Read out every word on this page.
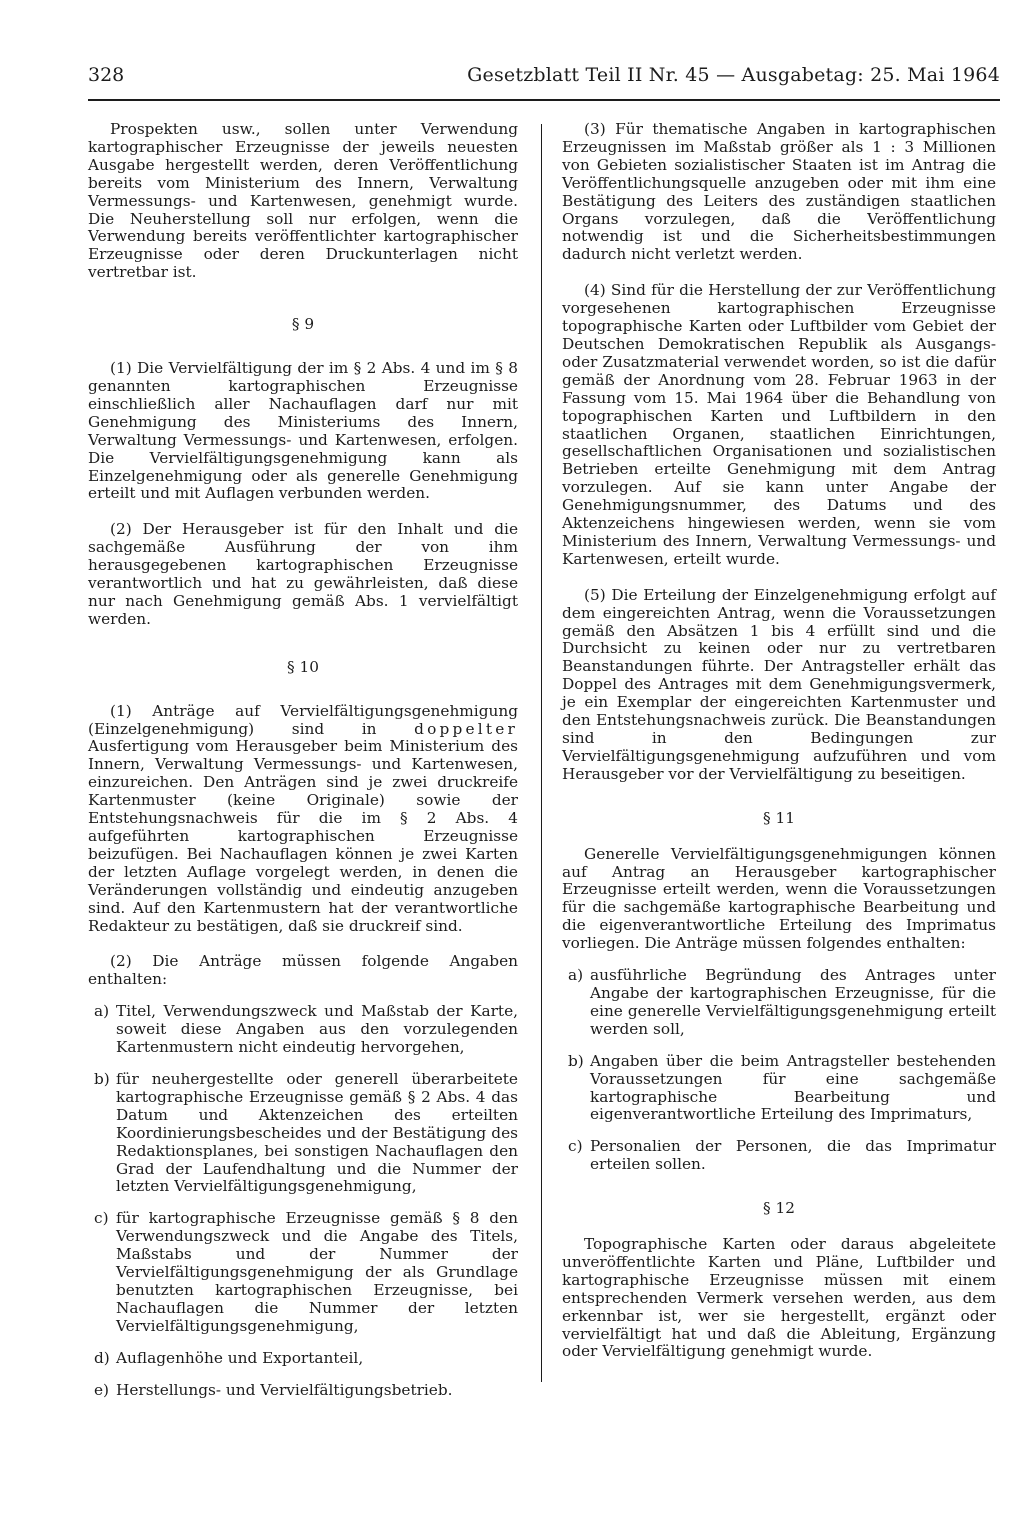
328	Gesetzblatt Teil II Nr. 45 — Ausgabetag: 25. Mai 1964

Prospekten usw., sollen unter Verwendung kartographischer Erzeugnisse der jeweils neuesten Ausgabe hergestellt werden, deren Veröffentlichung bereits vom Ministerium des Innern, Verwaltung Vermessungs- und Kartenwesen, genehmigt wurde. Die Neuherstellung soll nur erfolgen, wenn die Verwendung bereits veröffentlichter kartographischer Erzeugnisse oder deren Druckunterlagen nicht vertretbar ist.

§ 9

(1) Die Vervielfältigung der im § 2 Abs. 4 und im § 8 genannten kartographischen Erzeugnisse einschließlich aller Nachauflagen darf nur mit Genehmigung des Ministeriums des Innern, Verwaltung Vermessungs- und Kartenwesen, erfolgen. Die Vervielfältigungsgenehmigung kann als Einzelgenehmigung oder als generelle Genehmigung erteilt und mit Auflagen verbunden werden.

(2) Der Herausgeber ist für den Inhalt und die sachgemäße Ausführung der von ihm herausgegebenen kartographischen Erzeugnisse verantwortlich und hat zu gewährleisten, daß diese nur nach Genehmigung gemäß Abs. 1 vervielfältigt werden.

§ 10

(1) Anträge auf Vervielfältigungsgenehmigung (Einzelgenehmigung) sind in doppelter Ausfertigung vom Herausgeber beim Ministerium des Innern, Verwaltung Vermessungs- und Kartenwesen, einzureichen. Den Anträgen sind je zwei druckreife Kartenmuster (keine Originale) sowie der Entstehungsnachweis für die im § 2 Abs. 4 aufgeführten kartographischen Erzeugnisse beizufügen. Bei Nachauflagen können je zwei Karten der letzten Auflage vorgelegt werden, in denen die Veränderungen vollständig und eindeutig anzugeben sind. Auf den Kartenmustern hat der verantwortliche Redakteur zu bestätigen, daß sie druckreif sind.

(2) Die Anträge müssen folgende Angaben enthalten:

a) Titel, Verwendungszweck und Maßstab der Karte, soweit diese Angaben aus den vorzulegenden Kartenmustern nicht eindeutig hervorgehen,
b) für neuhergestellte oder generell überarbeitete kartographische Erzeugnisse gemäß § 2 Abs. 4 das Datum und Aktenzeichen des erteilten Koordinierungsbescheides und der Bestätigung des Redaktionsplanes, bei sonstigen Nachauflagen den Grad der Laufendhaltung und die Nummer der letzten Vervielfältigungsgenehmigung,
c) für kartographische Erzeugnisse gemäß § 8 den Verwendungszweck und die Angabe des Titels, Maßstabs und der Nummer der Vervielfältigungsgenehmigung der als Grundlage benutzten kartographischen Erzeugnisse, bei Nachauflagen die Nummer der letzten Vervielfältigungsgenehmigung,
d) Auflagenhöhe und Exportanteil,
e) Herstellungs- und Vervielfältigungsbetrieb.

(3) Für thematische Angaben in kartographischen Erzeugnissen im Maßstab größer als 1 : 3 Millionen von Gebieten sozialistischer Staaten ist im Antrag die Veröffentlichungsquelle anzugeben oder mit ihm eine Bestätigung des Leiters des zuständigen staatlichen Organs vorzulegen, daß die Veröffentlichung notwendig ist und die Sicherheitsbestimmungen dadurch nicht verletzt werden.

(4) Sind für die Herstellung der zur Veröffentlichung vorgesehenen kartographischen Erzeugnisse topographische Karten oder Luftbilder vom Gebiet der Deutschen Demokratischen Republik als Ausgangs- oder Zusatzmaterial verwendet worden, so ist die dafür gemäß der Anordnung vom 28. Februar 1963 in der Fassung vom 15. Mai 1964 über die Behandlung von topographischen Karten und Luftbildern in den staatlichen Organen, staatlichen Einrichtungen, gesellschaftlichen Organisationen und sozialistischen Betrieben erteilte Genehmigung mit dem Antrag vorzulegen. Auf sie kann unter Angabe der Genehmigungsnummer, des Datums und des Aktenzeichens hingewiesen werden, wenn sie vom Ministerium des Innern, Verwaltung Vermessungs- und Kartenwesen, erteilt wurde.

(5) Die Erteilung der Einzelgenehmigung erfolgt auf dem eingereichten Antrag, wenn die Voraussetzungen gemäß den Absätzen 1 bis 4 erfüllt sind und die Durchsicht zu keinen oder nur zu vertretbaren Beanstandungen führte. Der Antragsteller erhält das Doppel des Antrages mit dem Genehmigungsvermerk, je ein Exemplar der eingereichten Kartenmuster und den Entstehungsnachweis zurück. Die Beanstandungen sind in den Bedingungen zur Vervielfältigungsgenehmigung aufzuführen und vom Herausgeber vor der Vervielfältigung zu beseitigen.

§ 11

Generelle Vervielfältigungsgenehmigungen können auf Antrag an Herausgeber kartographischer Erzeugnisse erteilt werden, wenn die Voraussetzungen für die sachgemäße kartographische Bearbeitung und die eigenverantwortliche Erteilung des Imprimatus vorliegen. Die Anträge müssen folgendes enthalten:

a) ausführliche Begründung des Antrages unter Angabe der kartographischen Erzeugnisse, für die eine generelle Vervielfältigungsgenehmigung erteilt werden soll,
b) Angaben über die beim Antragsteller bestehenden Voraussetzungen für eine sachgemäße kartographische Bearbeitung und eigenverantwortliche Erteilung des Imprimaturs,
c) Personalien der Personen, die das Imprimatur erteilen sollen.

§ 12

Topographische Karten oder daraus abgeleitete unveröffentlichte Karten und Pläne, Luftbilder und kartographische Erzeugnisse müssen mit einem entsprechenden Vermerk versehen werden, aus dem erkennbar ist, wer sie hergestellt, ergänzt oder vervielfältigt hat und daß die Ableitung, Ergänzung oder Vervielfältigung genehmigt wurde.
